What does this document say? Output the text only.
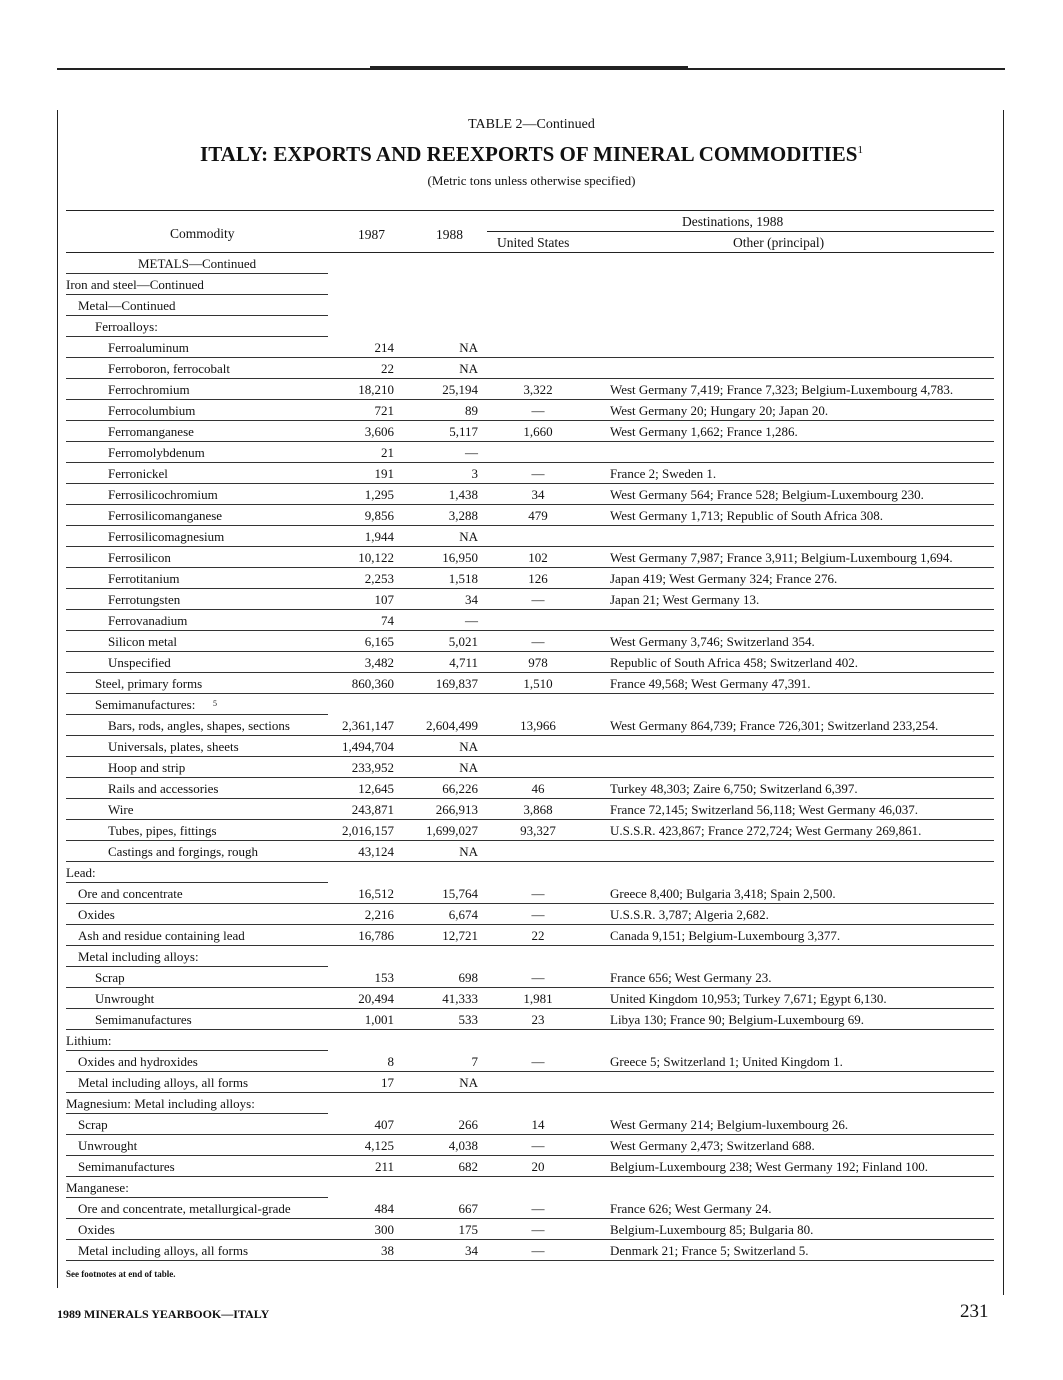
TABLE 2—Continued
ITALY: EXPORTS AND REEXPORTS OF MINERAL COMMODITIES$^1$
(Metric tons unless otherwise specified)
Commodity	1987	1988
Destinations, 1988
United States	Other (principal)
METALS—Continued
Iron and steel—Continued
Metal—Continued
Ferroalloys:
Ferroaluminum	214	NA
Ferroboron, ferrocobalt	22	NA
Ferrochromium	18,210	25,194	3,322	West Germany 7,419; France 7,323; Belgium-Luxembourg 4,783.
Ferrocolumbium	721	89	—	West Germany 20; Hungary 20; Japan 20.
Ferromanganese	3,606	5,117	1,660	West Germany 1,662; France 1,286.
Ferromolybdenum	21	—
Ferronickel	191	3	—	France 2; Sweden 1.
Ferrosilicochromium	1,295	1,438	34	West Germany 564; France 528; Belgium-Luxembourg 230.
Ferrosilicomanganese	9,856	3,288	479	West Germany 1,713; Republic of South Africa 308.
Ferrosilicomagnesium	1,944	NA
Ferrosilicon	10,122	16,950	102	West Germany 7,987; France 3,911; Belgium-Luxembourg 1,694.
Ferrotitanium	2,253	1,518	126	Japan 419; West Germany 324; France 276.
Ferrotungsten	107	34	—	Japan 21; West Germany 13.
Ferrovanadium	74	—
Silicon metal	6,165	5,021	—	West Germany 3,746; Switzerland 354.
Unspecified	3,482	4,711	978	Republic of South Africa 458; Switzerland 402.
Steel, primary forms	860,360	169,837	1,510	France 49,568; West Germany 47,391.
Semimanufactures: 5
Bars, rods, angles, shapes, sections	2,361,147	2,604,499	13,966	West Germany 864,739; France 726,301; Switzerland 233,254.
Universals, plates, sheets	1,494,704	NA
Hoop and strip	233,952	NA
Rails and accessories	12,645	66,226	46	Turkey 48,303; Zaire 6,750; Switzerland 6,397.
Wire	243,871	266,913	3,868	France 72,145; Switzerland 56,118; West Germany 46,037.
Tubes, pipes, fittings	2,016,157	1,699,027	93,327	U.S.S.R. 423,867; France 272,724; West Germany 269,861.
Castings and forgings, rough	43,124	NA
Lead:
Ore and concentrate	16,512	15,764	—	Greece 8,400; Bulgaria 3,418; Spain 2,500.
Oxides	2,216	6,674	—	U.S.S.R. 3,787; Algeria 2,682.
Ash and residue containing lead	16,786	12,721	22	Canada 9,151; Belgium-Luxembourg 3,377.
Metal including alloys:
Scrap	153	698	—	France 656; West Germany 23.
Unwrought	20,494	41,333	1,981	United Kingdom 10,953; Turkey 7,671; Egypt 6,130.
Semimanufactures	1,001	533	23	Libya 130; France 90; Belgium-Luxembourg 69.
Lithium:
Oxides and hydroxides	8	7	—	Greece 5; Switzerland 1; United Kingdom 1.
Metal including alloys, all forms	17	NA
Magnesium: Metal including alloys:
Scrap	407	266	14	West Germany 214; Belgium-luxembourg 26.
Unwrought	4,125	4,038	—	West Germany 2,473; Switzerland 688.
Semimanufactures	211	682	20	Belgium-Luxembourg 238; West Germany 192; Finland 100.
Manganese:
Ore and concentrate, metallurgical-grade	484	667	—	France 626; West Germany 24.
Oxides	300	175	—	Belgium-Luxembourg 85; Bulgaria 80.
Metal including alloys, all forms	38	34	—	Denmark 21; France 5; Switzerland 5.
See footnotes at end of table.
1989 MINERALS YEARBOOK—ITALY	231
